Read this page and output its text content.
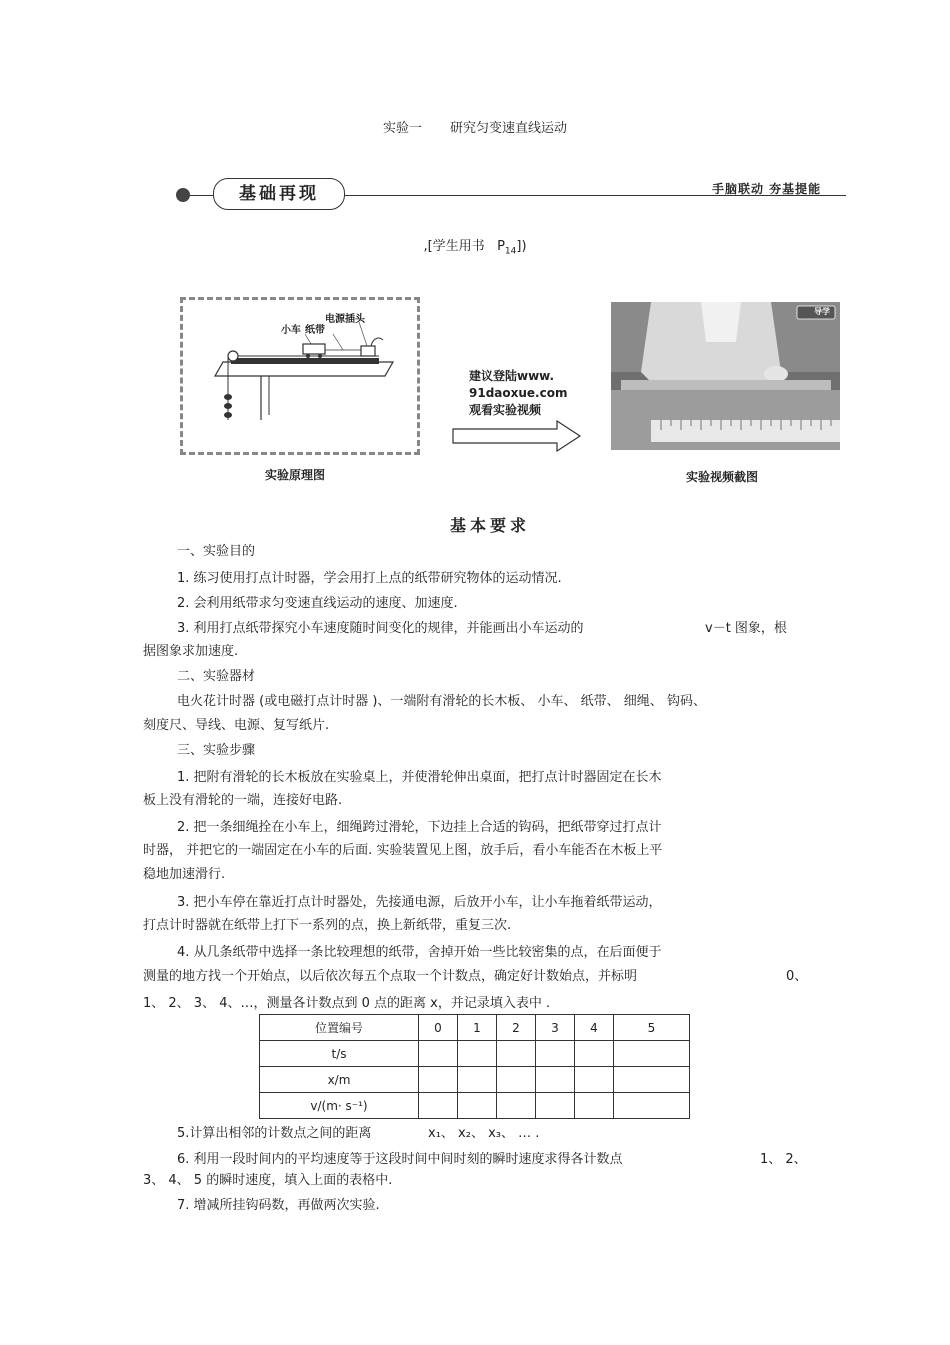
实验一 研究匀变速直线运动
基础再现	手脑联动 夯基提能
,[学生用书 $P_{14}$])
小车 纸带
电源插头
实验原理图
建议登陆www.
91daoxue.com
观看实验视频
导学
实验视频截图
基本要求
一、实验目的
1. 练习使用打点计时器，学会用打上点的纸带研究物体的运动情况.
2. 会利用纸带求匀变速直线运动的速度、加速度.
3. 利用打点纸带探究小车速度随时间变化的规律，并能画出小车运动的	v－t 图象，根
据图象求加速度.
二、实验器材
电火花计时器 (或电磁打点计时器 )、一端附有滑轮的长木板、 小车、 纸带、 细绳、 钩码、
刻度尺、导线、电源、复写纸片.
三、实验步骤
1. 把附有滑轮的长木板放在实验桌上，并使滑轮伸出桌面，把打点计时器固定在长木
板上没有滑轮的一端，连接好电路.
2. 把一条细绳拴在小车上，细绳跨过滑轮，下边挂上合适的钩码，把纸带穿过打点计
时器， 并把它的一端固定在小车的后面. 实验装置见上图，放手后，看小车能否在木板上平
稳地加速滑行.
3. 把小车停在靠近打点计时器处，先接通电源，后放开小车，让小车拖着纸带运动，
打点计时器就在纸带上打下一系列的点，换上新纸带，重复三次.
4. 从几条纸带中选择一条比较理想的纸带，舍掉开始一些比较密集的点，在后面便于
测量的地方找一个开始点，以后依次每五个点取一个计数点，确定好计数始点，并标明	0、
1、 2、 3、 4、…，测量各计数点到 0 点的距离 x，并记录填入表中 .
位置编号	0	1	2	3	4	5
t/s						
x/m						
v/(m· s⁻¹)						
5.计算出相邻的计数点之间的距离	x₁、 x₂、 x₃、 … .
6. 利用一段时间内的平均速度等于这段时间中间时刻的瞬时速度求得各计数点	1、 2、
3、 4、 5 的瞬时速度，填入上面的表格中.
7. 增减所挂钩码数，再做两次实验.
